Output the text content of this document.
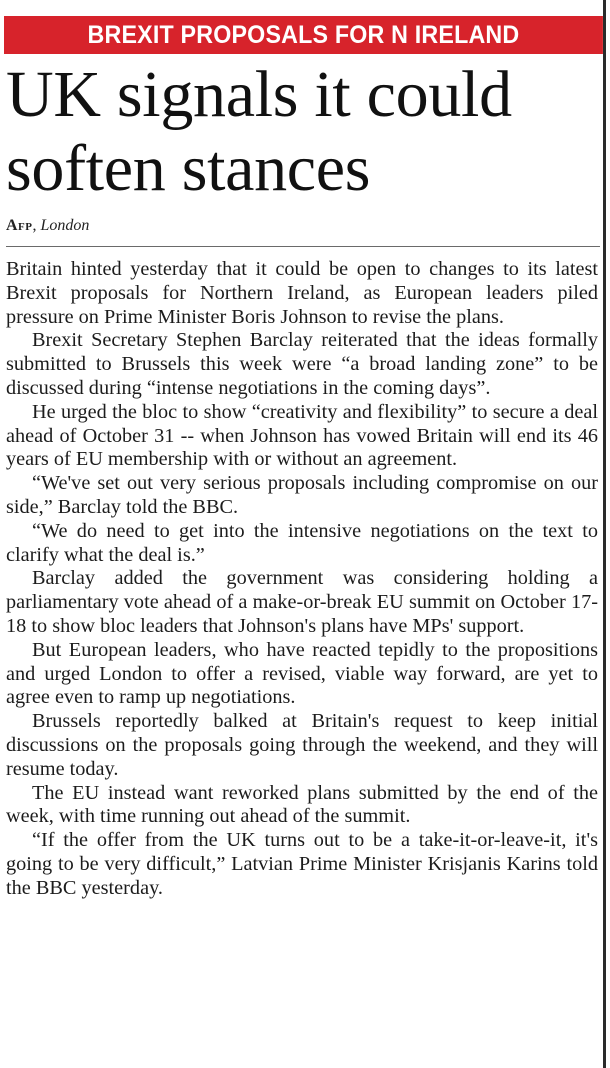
BREXIT PROPOSALS FOR N IRELAND
UK signals it could soften stances
Afp, London

Britain hinted yesterday that it could be open to changes to its latest Brexit proposals for Northern Ireland, as European leaders piled pressure on Prime Minister Boris Johnson to revise the plans.

Brexit Secretary Stephen Barclay reiterated that the ideas formally submitted to Brussels this week were “a broad landing zone” to be discussed during “intense negotiations in the coming days”.

He urged the bloc to show “creativity and flexibility” to secure a deal ahead of October 31 -- when Johnson has vowed Britain will end its 46 years of EU membership with or without an agreement.

“We've set out very serious proposals including compromise on our side,” Barclay told the BBC.

“We do need to get into the intensive negotiations on the text to clarify what the deal is.”

Barclay added the government was considering holding a parliamentary vote ahead of a make-or-break EU summit on October 17-18 to show bloc leaders that Johnson's plans have MPs' support.

But European leaders, who have reacted tepidly to the propositions and urged London to offer a revised, viable way forward, are yet to agree even to ramp up negotiations.

Brussels reportedly balked at Britain's request to keep initial discussions on the proposals going through the weekend, and they will resume today.

The EU instead want reworked plans submitted by the end of the week, with time running out ahead of the summit.

“If the offer from the UK turns out to be a take-it-or-leave-it, it's going to be very difficult,” Latvian Prime Minister Krisjanis Karins told the BBC yesterday.
